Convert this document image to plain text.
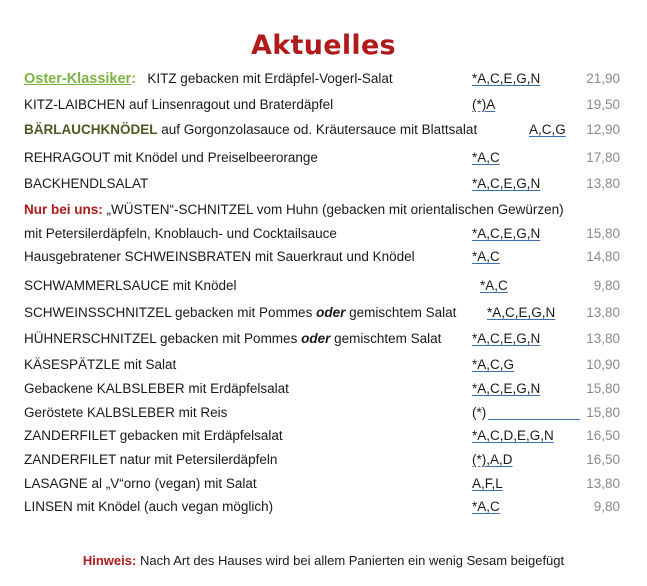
Aktuelles
Oster-Klassiker: KITZ gebacken mit Erdäpfel-Vogerl-Salat	*A,C,E,G,N	21,90
KITZ-LAIBCHEN auf Linsenragout und Braterdäpfel	(*)A	19,50
BÄRLAUCHKNÖDEL auf Gorgonzolasauce od. Kräutersauce mit Blattsalat	A,C,G 12,90
REHRAGOUT mit Knödel und Preiselbeerorange	*A,C	17,80
BACKHENDLSALAT	*A,C,E,G,N	13,80
Nur bei uns: „WÜSTEN“-SCHNITZEL vom Huhn (gebacken mit orientalischen Gewürzen)
mit Petersilerdäpfeln, Knoblauch- und Cocktailsauce	*A,C,E,G,N	15,80
Hausgebratener SCHWEINSBRATEN mit Sauerkraut und Knödel	*A,C	14,80
SCHWAMMERLSAUCE mit Knödel	*A,C	9,80
SCHWEINSSCHNITZEL gebacken mit Pommes oder gemischtem Salat *A,C,E,G,N 13,80
HÜHNERSCHNITZEL gebacken mit Pommes oder gemischtem Salat *A,C,E,G,N	13,80
KÄSESPÄTZLE mit Salat	*A,C,G	10,90
Gebackene KALBSLEBER mit Erdäpfelsalat	*A,C,E,G,N	15,80
Geröstete KALBSLEBER mit Reis	(*)	15,80
ZANDERFILET gebacken mit Erdäpfelsalat	*A,C,D,E,G,N 16,50
ZANDERFILET natur mit Petersilerdäpfeln	(*),A,D	16,50
LASAGNE al „V“orno (vegan) mit Salat	A,F,L	13,80
LINSEN mit Knödel (auch vegan möglich)	*A,C	9,80
Hinweis: Nach Art des Hauses wird bei allem Panierten ein wenig Sesam beigefügt
